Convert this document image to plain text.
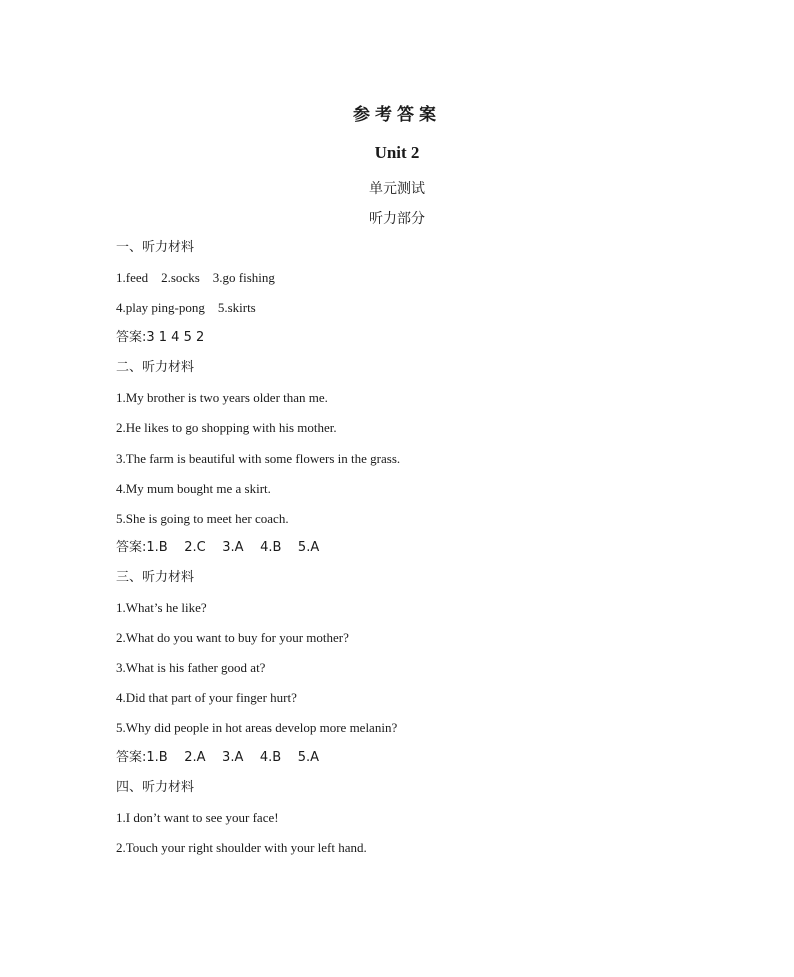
参考答案
Unit 2
单元测试
听力部分
一、听力材料
1.feed    2.socks    3.go fishing
4.play ping-pong    5.skirts
答案:3 1 4 5 2
二、听力材料
1.My brother is two years older than me.
2.He likes to go shopping with his mother.
3.The farm is beautiful with some flowers in the grass.
4.My mum bought me a skirt.
5.She is going to meet her coach.
答案:1.B    2.C    3.A    4.B    5.A
三、听力材料
1.What’s he like?
2.What do you want to buy for your mother?
3.What is his father good at?
4.Did that part of your finger hurt?
5.Why did people in hot areas develop more melanin?
答案:1.B    2.A    3.A    4.B    5.A
四、听力材料
1.I don’t want to see your face!
2.Touch your right shoulder with your left hand.
